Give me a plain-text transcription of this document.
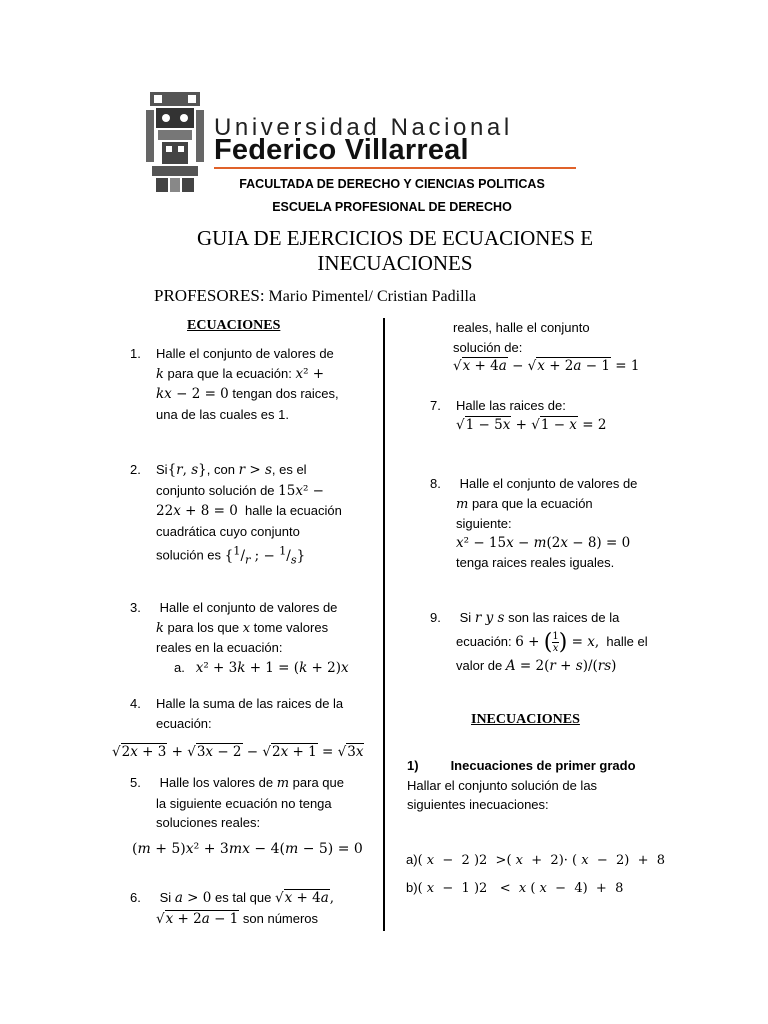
Universidad Nacional
Federico Villarreal
FACULTADA DE DERECHO Y CIENCIAS POLITICAS
ESCUELA PROFESIONAL DE DERECHO
GUIA DE EJERCICIOS DE ECUACIONES E
INECUACIONES
PROFESORES: Mario Pimentel/ Cristian Padilla
ECUACIONES
1. Halle el conjunto de valores de
k para que la ecuación: x² +
kx − 2 = 0 tengan dos raices,
una de las cuales es 1.
2. Si{r, s}, con r > s, es el
conjunto solución de 15x² −
22x + 8 = 0 halle la ecuación
cuadrática cuyo conjunto
solución es {$^1/_r$ ; − $^1/_s$}
3. Halle el conjunto de valores de
k para los que x tome valores
reales en la ecuación:
a. x² + 3k + 1 = (k + 2)x
4. Halle la suma de las raices de la
ecuación:
√2x + 3 + √3x − 2 − √2x + 1 = √3x
5. Halle los valores de m para que
la siguiente ecuación no tenga
soluciones reales:
(m + 5)x² + 3mx − 4(m − 5) = 0
6. Si a > 0 es tal que √x + 4a,
√x + 2a − 1 son números
reales, halle el conjunto
solución de:
√x + 4a − √x + 2a − 1 = 1
7. Halle las raices de:
√1 − 5x + √1 − x = 2
8. Halle el conjunto de valores de
m para que la ecuación
siguiente:
x² − 15x − m(2x − 8) = 0
tenga raices reales iguales.
9. Si r y s son las raices de la
ecuación: 6 + ( $\frac{1}{x}$ ) = x, halle el
valor de A = 2(r + s)/(rs)
INECUACIONES
1) Inecuaciones de primer grado
Hallar el conjunto solución de las
siguientes inecuaciones:
a)( x  −  2 )2  >( x  +  2)· ( x  −  2)  +  8
b)( x  −  1 )2   <  x ( x  −  4)  +  8
